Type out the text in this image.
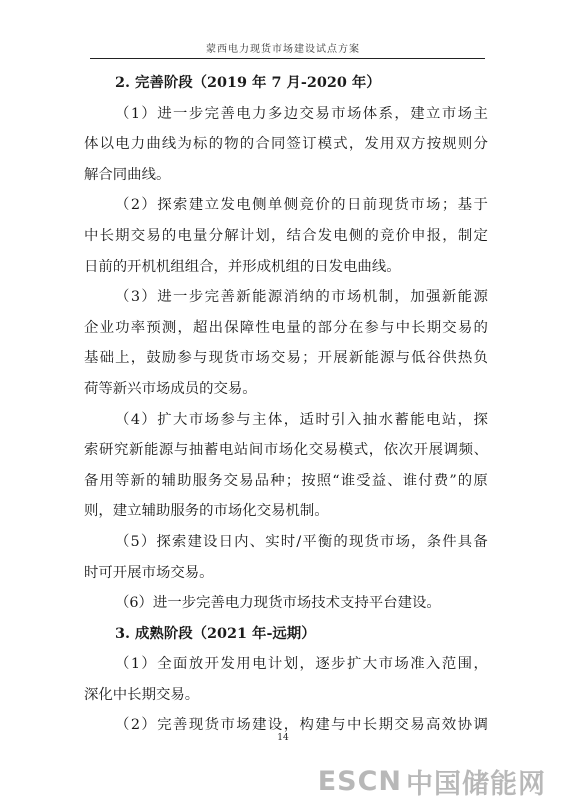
蒙西电力现货市场建设试点方案
2. 完善阶段（2019 年 7 月-2020 年）
（ 1 ） 进 一 步 完 善 电 力 多 边 交 易 市 场 体 系 ， 建 立 市 场 主
体 以 电 力 曲 线 为 标 的 物 的 合 同 签 订 模 式 ， 发 用 双 方 按 规 则 分
解合同曲线。
（ 2 ） 探 索 建 立 发 电 侧 单 侧 竞 价 的 日 前 现 货 市 场 ； 基 于
中 长 期 交 易 的 电 量 分 解 计 划 ， 结 合 发 电 侧 的 竞 价 申 报 ， 制 定
日前的开机机组组合，并形成机组的日发电曲线。
（ 3 ） 进 一 步 完 善 新 能 源 消 纳 的 市 场 机 制 ， 加 强 新 能 源
企 业 功 率 预 测 ， 超 出 保 障 性 电 量 的 部 分 在 参 与 中 长 期 交 易 的
基 础 上 ， 鼓 励 参 与 现 货 市 场 交 易 ； 开 展 新 能 源 与 低 谷 供 热 负
荷等新兴市场成员的交易。
（ 4 ） 扩 大 市 场 参 与 主 体 ， 适 时 引 入 抽 水 蓄 能 电 站 ， 探
索 研 究 新 能 源 与 抽 蓄 电 站 间 市 场 化 交 易 模 式 ， 依 次 开 展 调 频 、
备 用 等 新 的 辅 助 服 务 交 易 品 种 ； 按 照 “ 谁 受 益 、 谁 付 费 ” 的 原
则，建立辅助服务的市场化交易机制。
（ 5 ） 探 索 建 设 日 内 、 实 时 / 平 衡 的 现 货 市 场 ， 条 件 具 备
时可开展市场交易。
（6）进一步完善电力现货市场技术支持平台建设。
3. 成熟阶段（2021 年-远期）
（ 1 ） 全 面 放 开 发 用 电 计 划 ， 逐 步 扩 大 市 场 准 入 范 围 ，
深化中长期交易。
（ 2 ） 完 善 现 货 市 场 建 设 ， 构 建 与 中 长 期 交 易 高 效 协 调
14
ESCN 中国储能网
